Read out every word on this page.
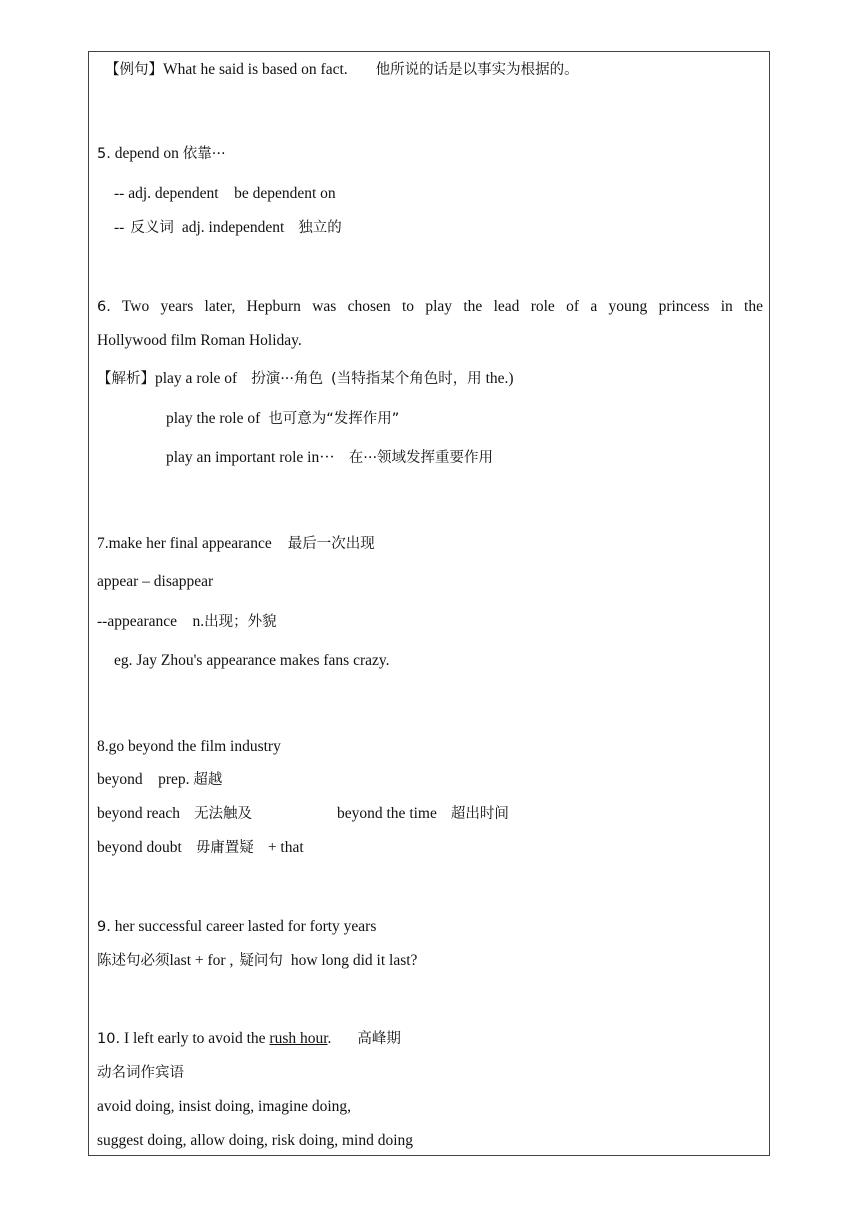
【例句】What he said is based on fact. 他所说的话是以事实为根据的。
5. depend on 依靠···
-- adj. dependent    be dependent on
-- 反义词 adj. independent 独立的
6. Two years later, Hepburn was chosen to play the lead role of a young princess in the
Hollywood film Roman Holiday.
【解析】play a role of 扮演···角色 (当特指某个角色时，用 the.)
play the role of 也可意为“发挥作用”
play an important role in··· 在···领域发挥重要作用
7.make her final appearance 最后一次出现
appear – disappear
--appearance    n.出现；外貌
eg. Jay Zhou's appearance makes fans crazy.
8.go beyond the film industry
beyond    prep. 超越
beyond reach 无法触及	beyond the time 超出时间
beyond doubt 毋庸置疑 + that
9. her successful career lasted for forty years
陈述句必须last + for , 疑问句 how long did it last?
10. I left early to avoid the rush hour. 高峰期
动名词作宾语
avoid doing, insist doing, imagine doing,
suggest doing, allow doing, risk doing, mind doing
